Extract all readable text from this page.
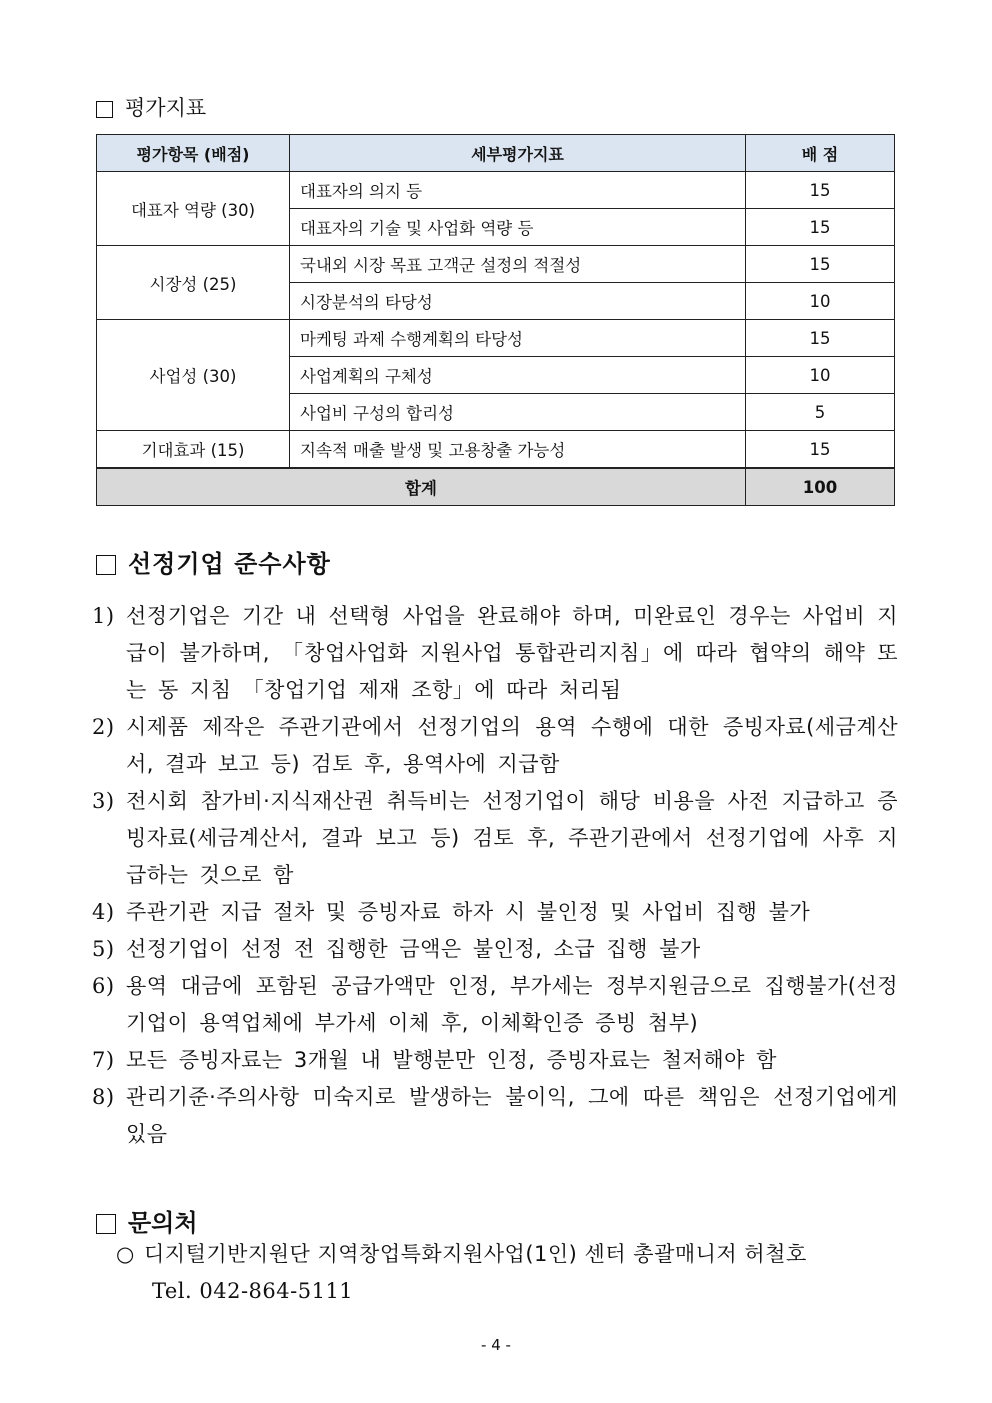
평가지표
평가항목 (배점)	세부평가지표	배 점
대표자 역량 (30)	대표자의 의지 등	15
	대표자의 기술 및 사업화 역량 등	15
시장성 (25)	국내외 시장 목표 고객군 설정의 적절성	15
	시장분석의 타당성	10
사업성 (30)	마케팅 과제 수행계획의 타당성	15
	사업계획의 구체성	10
	사업비 구성의 합리성	5
기대효과 (15)	지속적 매출 발생 및 고용창출 가능성	15
합계		100
선정기업 준수사항
1) 선정기업은 기간 내 선택형 사업을 완료해야 하며, 미완료인 경우는 사업비 지급이 불가하며, 「창업사업화 지원사업 통합관리지침」에 따라 협약의 해약 또는 동 지침 「창업기업 제재 조항」에 따라 처리됨
2) 시제품 제작은 주관기관에서 선정기업의 용역 수행에 대한 증빙자료(세금계산서, 결과 보고 등) 검토 후, 용역사에 지급함
3) 전시회 참가비·지식재산권 취득비는 선정기업이 해당 비용을 사전 지급하고 증빙자료(세금계산서, 결과 보고 등) 검토 후, 주관기관에서 선정기업에 사후 지급하는 것으로 함
4) 주관기관 지급 절차 및 증빙자료 하자 시 불인정 및 사업비 집행 불가
5) 선정기업이 선정 전 집행한 금액은 불인정, 소급 집행 불가
6) 용역 대금에 포함된 공급가액만 인정, 부가세는 정부지원금으로 집행불가(선정기업이 용역업체에 부가세 이체 후, 이체확인증 증빙 첨부)
7) 모든 증빙자료는 3개월 내 발행분만 인정, 증빙자료는 철저해야 함
8) 관리기준·주의사항 미숙지로 발생하는 불이익, 그에 따른 책임은 선정기업에게 있음
문의처
○ 디지털기반지원단 지역창업특화지원사업(1인) 센터 총괄매니저 허철호
Tel. 042-864-5111
- 4 -
